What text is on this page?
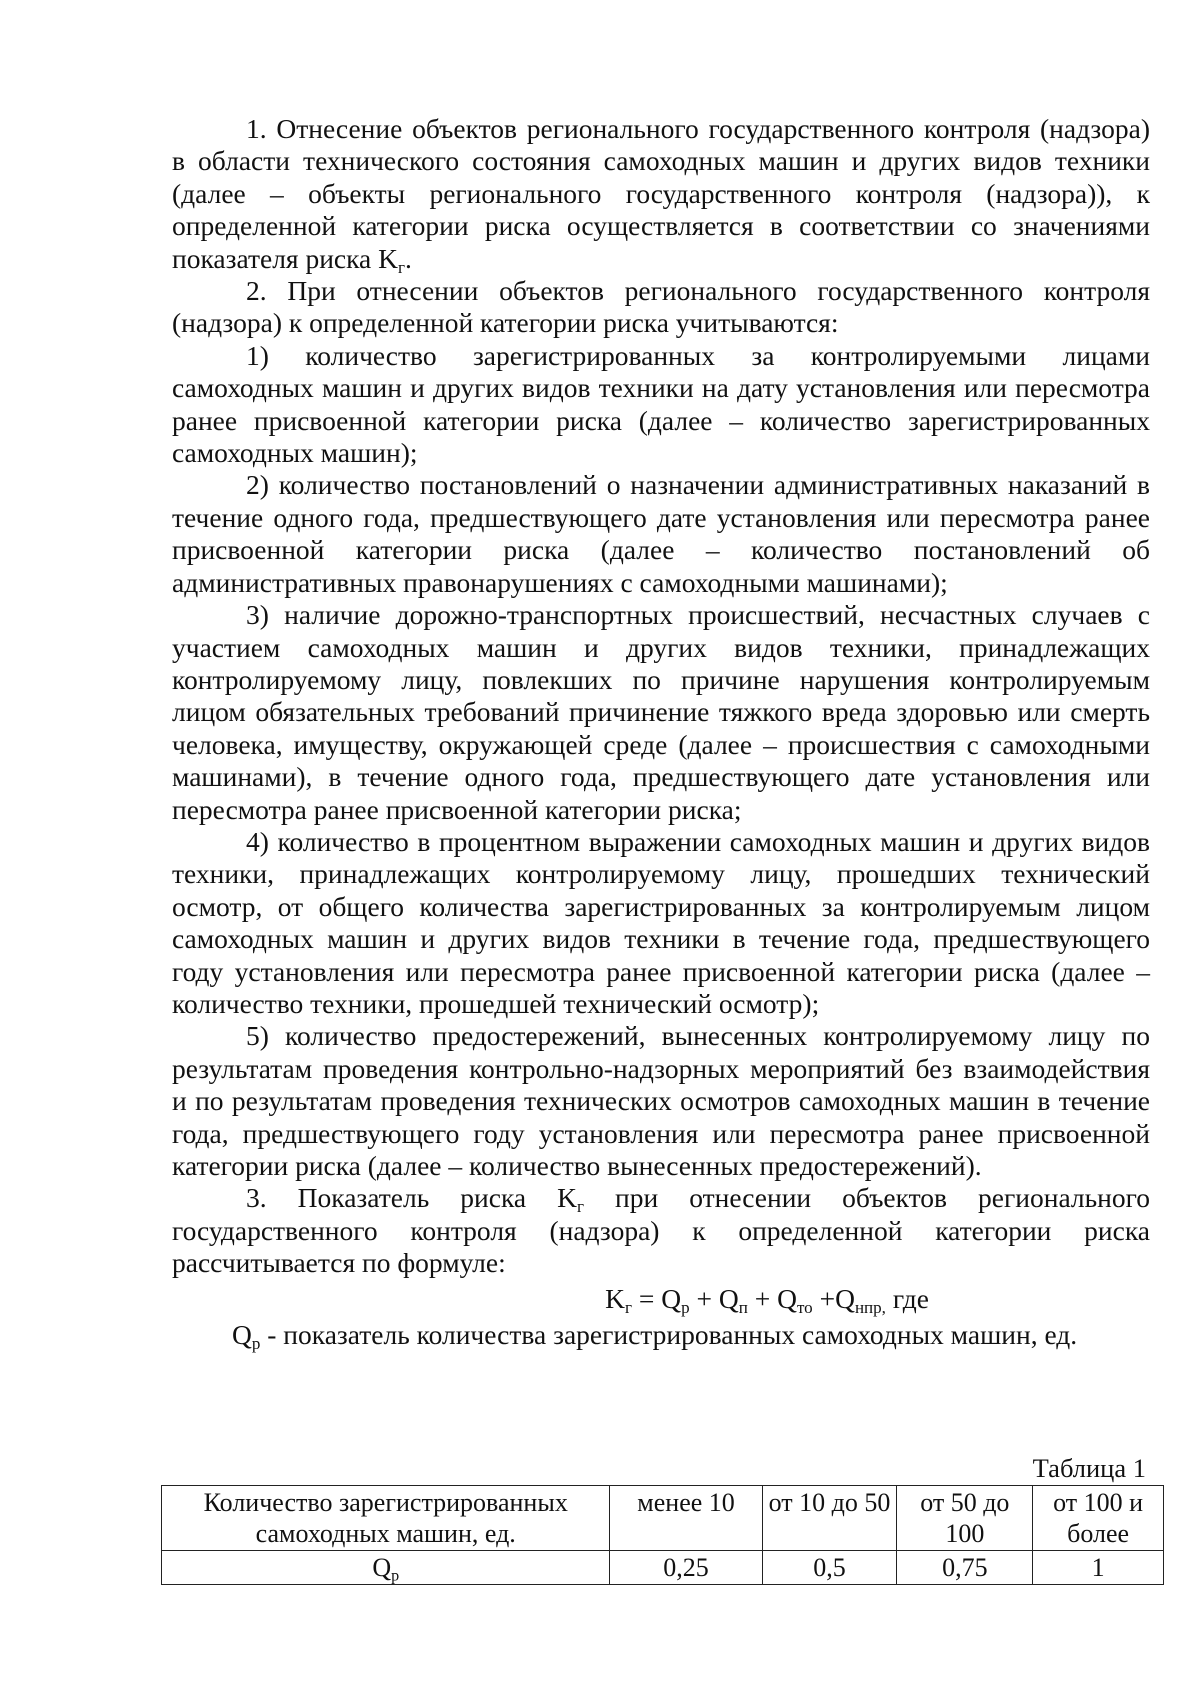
1. Отнесение объектов регионального государственного контроля (надзора) в области технического состояния самоходных машин и других видов техники (далее – объекты регионального государственного контроля (надзора)), к определенной категории риска осуществляется в соответствии со значениями показателя риска $K_г$.

2. При отнесении объектов регионального государственного контроля (надзора) к определенной категории риска учитываются:

1) количество зарегистрированных за контролируемыми лицами самоходных машин и других видов техники на дату установления или пересмотра ранее присвоенной категории риска (далее – количество зарегистрированных самоходных машин);

2) количество постановлений о назначении административных наказаний в течение одного года, предшествующего дате установления или пересмотра ранее присвоенной категории риска (далее – количество постановлений об административных правонарушениях с самоходными машинами);

3) наличие дорожно-транспортных происшествий, несчастных случаев с участием самоходных машин и других видов техники, принадлежащих контролируемому лицу, повлекших по причине нарушения контролируемым лицом обязательных требований причинение тяжкого вреда здоровью или смерть человека, имуществу, окружающей среде (далее – происшествия с самоходными машинами), в течение одного года, предшествующего дате установления или пересмотра ранее присвоенной категории риска;

4) количество в процентном выражении самоходных машин и других видов техники, принадлежащих контролируемому лицу, прошедших технический осмотр, от общего количества зарегистрированных за контролируемым лицом самоходных машин и других видов техники в течение года, предшествующего году установления или пересмотра ранее присвоенной категории риска (далее – количество техники, прошедшей технический осмотр);

5) количество предостережений, вынесенных контролируемому лицу по результатам проведения контрольно-надзорных мероприятий без взаимодействия и по результатам проведения технических осмотров самоходных машин в течение года, предшествующего году установления или пересмотра ранее присвоенной категории риска (далее – количество вынесенных предостережений).

3. Показатель риска $K_г$ при отнесении объектов регионального государственного контроля (надзора) к определенной категории риска рассчитывается по формуле:

$K_г = Q_р + Q_п + Q_{то} +Q_{нпр,}$ где

$Q_р$ - показатель количества зарегистрированных самоходных машин, ед.

Таблица 1
Количество зарегистрированных самоходных машин, ед.	менее 10	от 10 до 50	от 50 до 100	от 100 и более
$Q_р$	0,25	0,5	0,75	1
